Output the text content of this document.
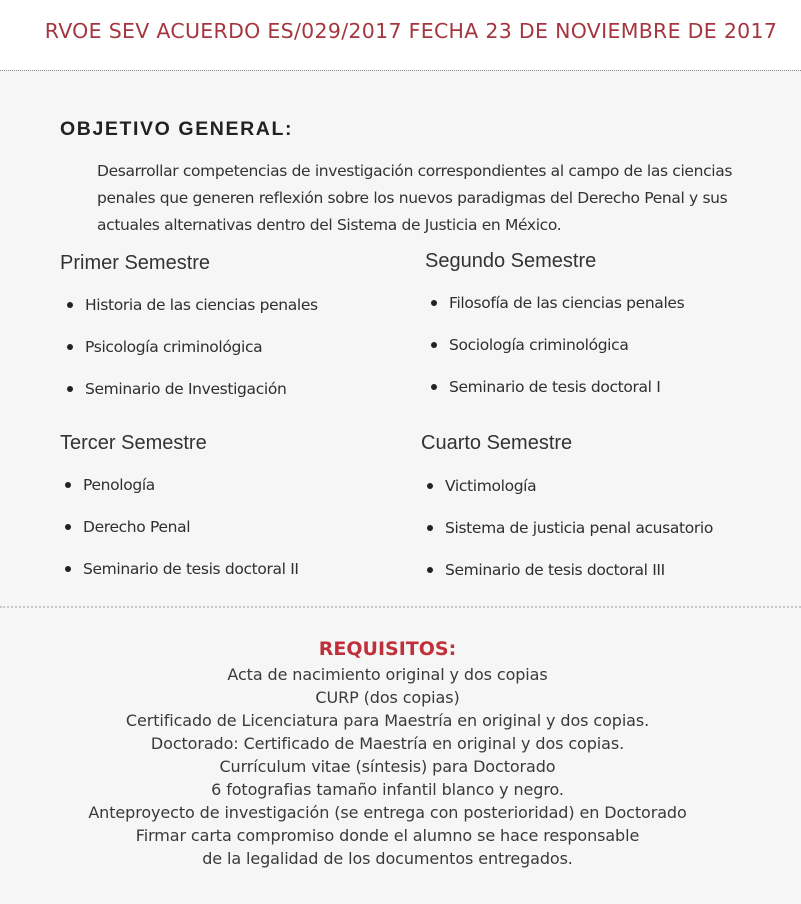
RVOE SEV ACUERDO ES/029/2017 FECHA 23 DE NOVIEMBRE DE 2017
OBJETIVO GENERAL:
Desarrollar competencias de investigación correspondientes al campo de las ciencias
penales que generen reflexión sobre los nuevos paradigmas del Derecho Penal y sus
actuales alternativas dentro del Sistema de Justicia en México.
Primer Semestre
Historia de las ciencias penales
Psicología criminológica
Seminario de Investigación
Segundo Semestre
Filosofía de las ciencias penales
Sociología criminológica
Seminario de tesis doctoral I
Tercer Semestre
Penología
Derecho Penal
Seminario de tesis doctoral II
Cuarto Semestre
Victimología
Sistema de justicia penal acusatorio
Seminario de tesis doctoral III
REQUISITOS:
Acta de nacimiento original y dos copias
CURP (dos copias)
Certificado de Licenciatura para Maestría en original y dos copias.
Doctorado: Certificado de Maestría en original y dos copias.
Currículum vitae (síntesis) para Doctorado
6 fotografias tamaño infantil blanco y negro.
Anteproyecto de investigación (se entrega con posterioridad) en Doctorado
Firmar carta compromiso donde el alumno se hace responsable
de la legalidad de los documentos entregados.
